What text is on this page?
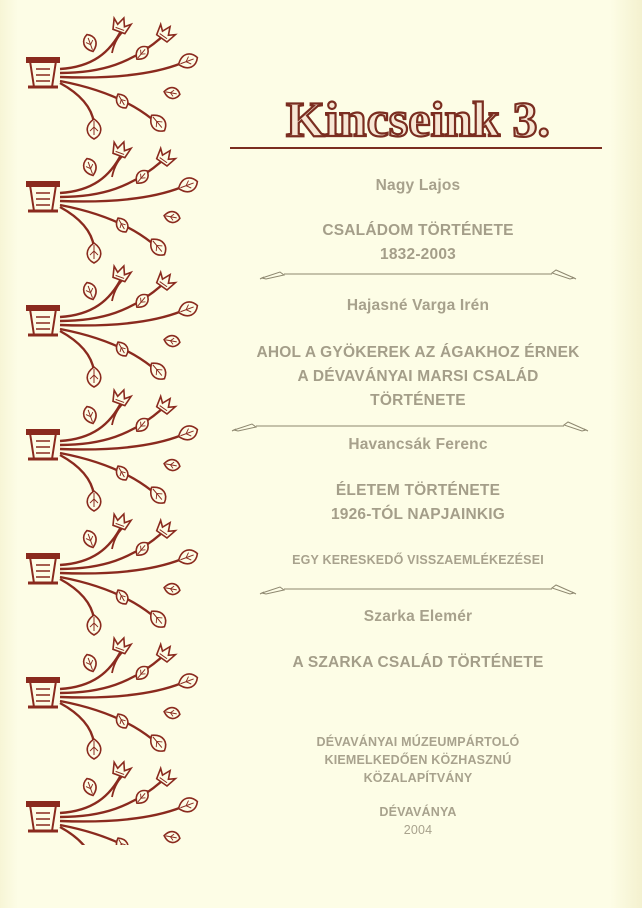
Kincseink 3.
Nagy Lajos
CSALÁDOM TÖRTÉNETE
1832-2003
Hajasné Varga Irén
AHOL A GYÖKEREK AZ ÁGAKHOZ ÉRNEK
A DÉVAVÁNYAI MARSI CSALÁD
TÖRTÉNETE
Havancsák Ferenc
ÉLETEM TÖRTÉNETE
1926-TÓL NAPJAINKIG
EGY KERESKEDŐ VISSZAEMLÉKEZÉSEI
Szarka Elemér
A SZARKA CSALÁD TÖRTÉNETE
DÉVAVÁNYAI MÚZEUMPÁRTOLÓ
KIEMELKEDŐEN KÖZHASZNÚ
KÖZALAPÍTVÁNY
DÉVAVÁNYA
2004
